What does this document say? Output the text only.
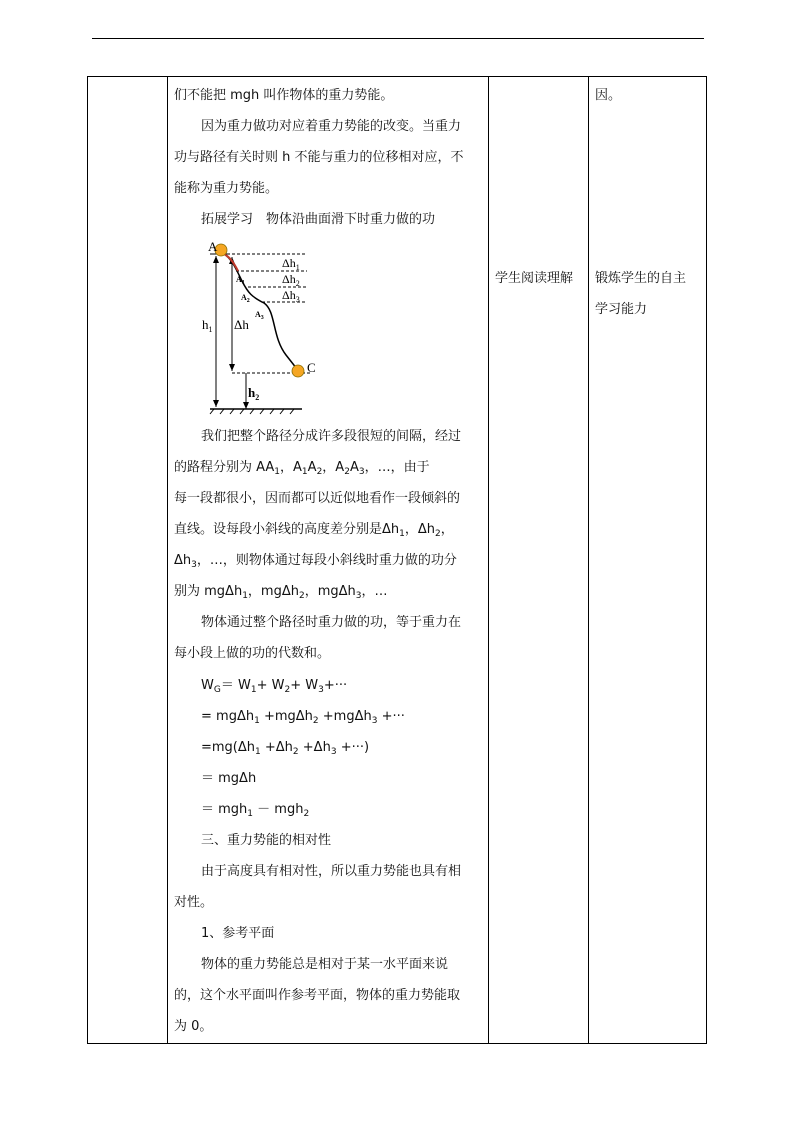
们不能把 mgh 叫作物体的重力势能。
因为重力做功对应着重力势能的改变。当重力
功与路径有关时则 h 不能与重力的位移相对应，不
能称为重力势能。
拓展学习　物体沿曲面滑下时重力做的功
A
C
$\Delta h_1$
$\Delta h_2$
$\Delta h_3$
$A_1$
$A_2$
$A_3$
$h_1$ Δh
$h_2$
我们把整个路径分成许多段很短的间隔，经过
的路程分别为 $AA_1$，$A_1A_2$，$A_2A_3$，…，由于
每一段都很小，因而都可以近似地看作一段倾斜的
直线。设每段小斜线的高度差分别是$\Delta h_1$，$\Delta h_2$，
$\Delta h_3$，…，则物体通过每段小斜线时重力做的功分
别为 mgΔh$_1$，mgΔh$_2$，mgΔh$_3$，…
物体通过整个路径时重力做的功，等于重力在
每小段上做的功的代数和。
$W_G= W_1+ W_2+ W_3+\cdot\cdot\cdot$
= mgΔh$_1$ +mgΔh$_2$ +mgΔh$_3$ +···
$=mg(\Delta h_1 +\Delta h_2 +\Delta h_3$ +···)
＝ mgΔh
＝ mgh$_1$ － mgh$_2$
三、重力势能的相对性
由于高度具有相对性，所以重力势能也具有相
对性。
1、参考平面
物体的重力势能总是相对于某一水平面来说
的，这个水平面叫作参考平面，物体的重力势能取
为 0。
学生阅读理解
因。
锻炼学生的自主
学习能力
